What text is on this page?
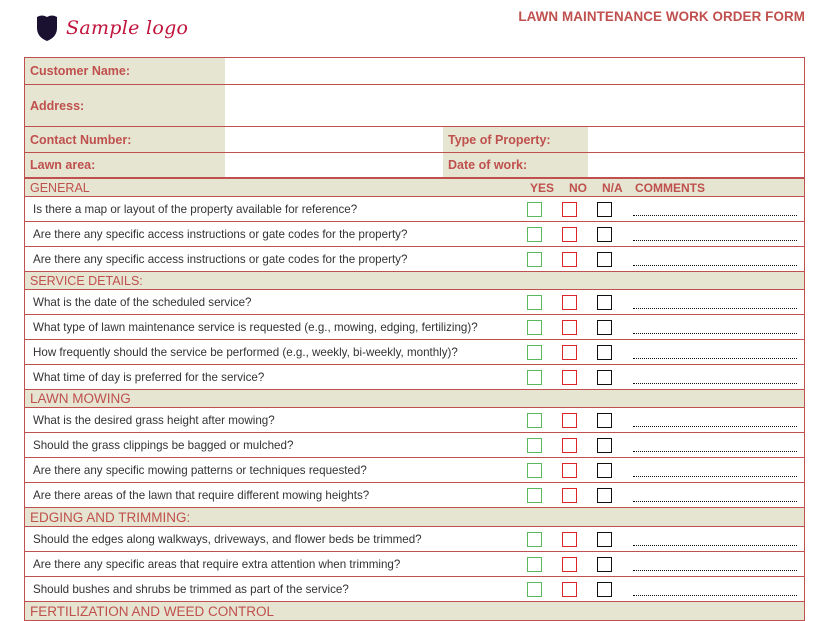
Sample logo
LAWN MAINTENANCE WORK ORDER FORM
Customer Name:
Address:
Contact Number:	Type of Property:
Lawn area:	Date of work:
GENERAL	YES NO N/A COMMENTS
Is there a map or layout of the property available for reference?
Are there any specific access instructions or gate codes for the property?
Are there any specific access instructions or gate codes for the property?
SERVICE DETAILS:
What is the date of the scheduled service?
What type of lawn maintenance service is requested (e.g., mowing, edging, fertilizing)?
How frequently should the service be performed (e.g., weekly, bi-weekly, monthly)?
What time of day is preferred for the service?
LAWN MOWING
What is the desired grass height after mowing?
Should the grass clippings be bagged or mulched?
Are there any specific mowing patterns or techniques requested?
Are there areas of the lawn that require different mowing heights?
EDGING AND TRIMMING:
Should the edges along walkways, driveways, and flower beds be trimmed?
Are there any specific areas that require extra attention when trimming?
Should bushes and shrubs be trimmed as part of the service?
FERTILIZATION AND WEED CONTROL
